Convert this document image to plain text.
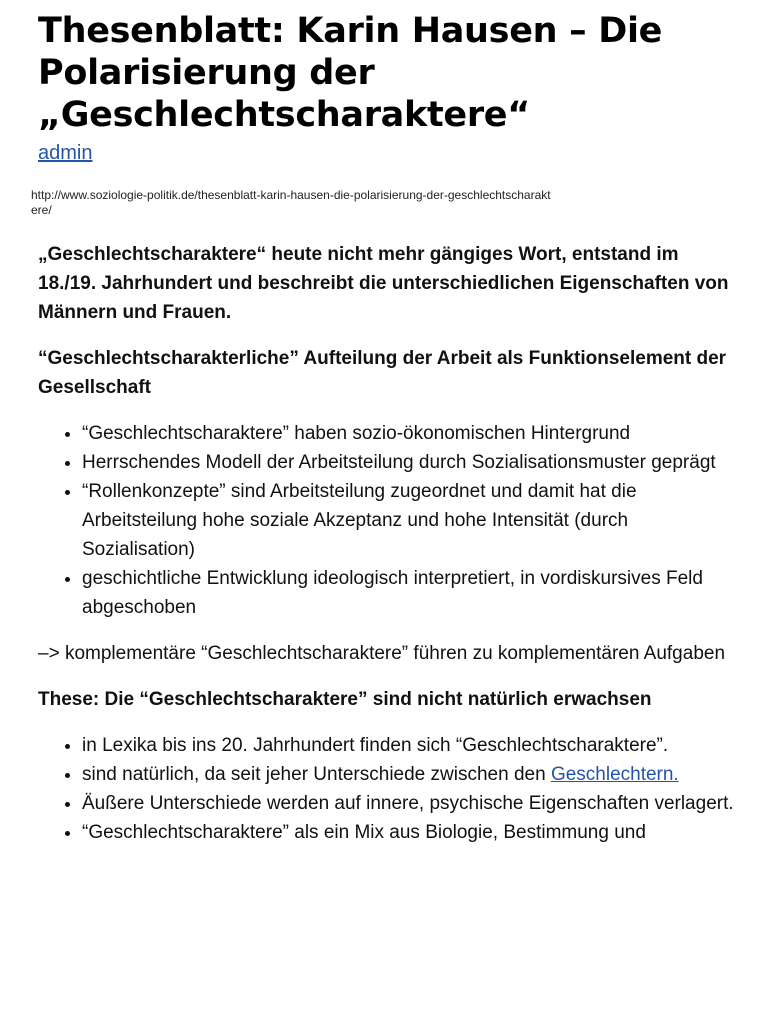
Thesenblatt: Karin Hausen – Die Polarisierung der „Geschlechtscharaktere“
admin
http://www.soziologie-politik.de/thesenblatt-karin-hausen-die-polarisierung-der-geschlechtscharaktere/

„Geschlechtscharaktere“ heute nicht mehr gängiges Wort, entstand im 18./19. Jahrhundert und beschreibt die unterschiedlichen Eigenschaften von Männern und Frauen.

“Geschlechtscharakterliche” Aufteilung der Arbeit als Funktionselement der Gesellschaft

• “Geschlechtscharaktere” haben sozio-ökonomischen Hintergrund
• Herrschendes Modell der Arbeitsteilung durch Sozialisationsmuster geprägt
• “Rollenkonzepte” sind Arbeitsteilung zugeordnet und damit hat die Arbeitsteilung hohe soziale Akzeptanz und hohe Intensität (durch Sozialisation)
• geschichtliche Entwicklung ideologisch interpretiert, in vordiskursives Feld abgeschoben

–> komplementäre “Geschlechtscharaktere” führen zu komplementären Aufgaben

These: Die “Geschlechtscharaktere” sind nicht natürlich erwachsen

• in Lexika bis ins 20. Jahrhundert finden sich “Geschlechtscharaktere”.
• sind natürlich, da seit jeher Unterschiede zwischen den Geschlechtern.
• Äußere Unterschiede werden auf innere, psychische Eigenschaften verlagert.
• “Geschlechtscharaktere” als ein Mix aus Biologie, Bestimmung und
